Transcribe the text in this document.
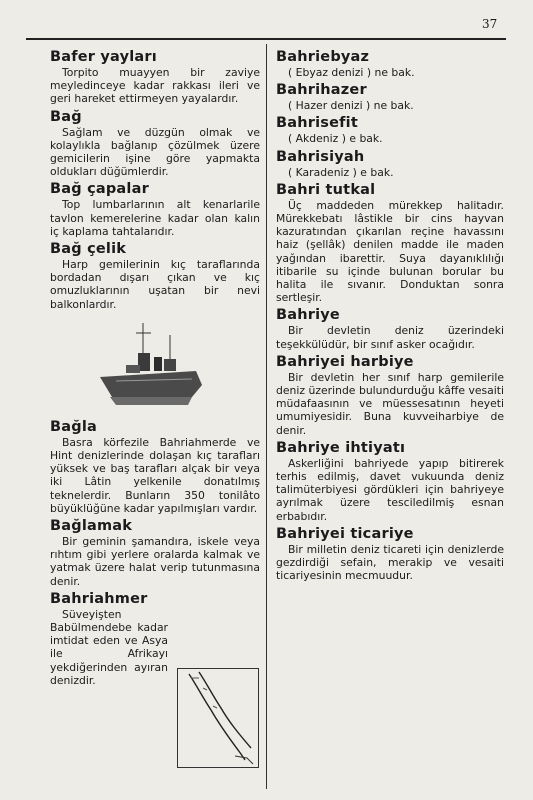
37
Bafer yayları

Torpito muayyen bir zaviye meyledinceye kadar rakkası ileri ve geri hareket ettirmeyen yayalardır.

Bağ

Sağlam ve düzgün olmak ve kolaylıkla bağlanıp çözülmek üzere gemicilerin işine göre yapmakta oldukları düğümlerdir.

Bağ çapalar

Top lumbarlarının alt kenarlarile tavlon kemerelerine kadar olan kalın iç kaplama tahtalarıdır.

Bağ çelik

Harp gemilerinin kıç taraflarında bordadan dışarı çıkan ve kıç omuzluklarının uşatan bir nevi balkonlardır.

Bağla

Basra körfezile Bahriahmerde ve Hint denizlerinde dolaşan kıç tarafları yüksek ve baş tarafları alçak bir veya iki Lâtin yelkenile donatılmış teknelerdir. Bunların 350 tonilâto büyüklüğüne kadar yapılmışları vardır.

Bağlamak

Bir geminin şamandıra, iskele veya rıhtım gibi yerlere oralarda kalmak ve yatmak üzere halat verip tutunmasına denir.

Bahriahmer

Süveyişten Babülmendebe kadar imtidat eden ve Asya ile Afrikayı yekdiğerinden ayıran denizdir.

Bahriebyaz

( Ebyaz denizi ) ne bak.

Bahrihazer

( Hazer denizi ) ne bak.

Bahrisefit

( Akdeniz ) e bak.

Bahrisiyah

( Karadeniz ) e bak.

Bahri tutkal

Üç maddeden mürekkep halitadır. Mürekkebatı lâstikle bir cins hayvan kazuratından çıkarılan reçine havassını haiz (şellâk) denilen madde ile maden yağından ibarettir. Suya dayanıklılığı itibarile su içinde bulunan borular bu halita ile sıvanır. Donduktan sonra sertleşir.

Bahriye

Bir devletin deniz üzerindeki teşekkülüdür, bir sınıf asker ocağıdır.

Bahriyei harbiye

Bir devletin her sınıf harp gemilerile deniz üzerinde bulundurduğu kâffe vesaiti müdafaasının ve müessesatının heyeti umumiyesidir. Buna kuvveiharbiye de denir.

Bahriye ihtiyatı

Askerliğini bahriyede yapıp bitirerek terhis edilmiş, davet vukuunda deniz talimüterbiyesi gördükleri için bahriyeye ayrılmak üzere tesciledilmiş esnan erbabıdır.

Bahriyei ticariye

Bir milletin deniz ticareti için denizlerde gezdirdiği sefain, merakip ve vesaiti ticariyesinin mecmuudur.
